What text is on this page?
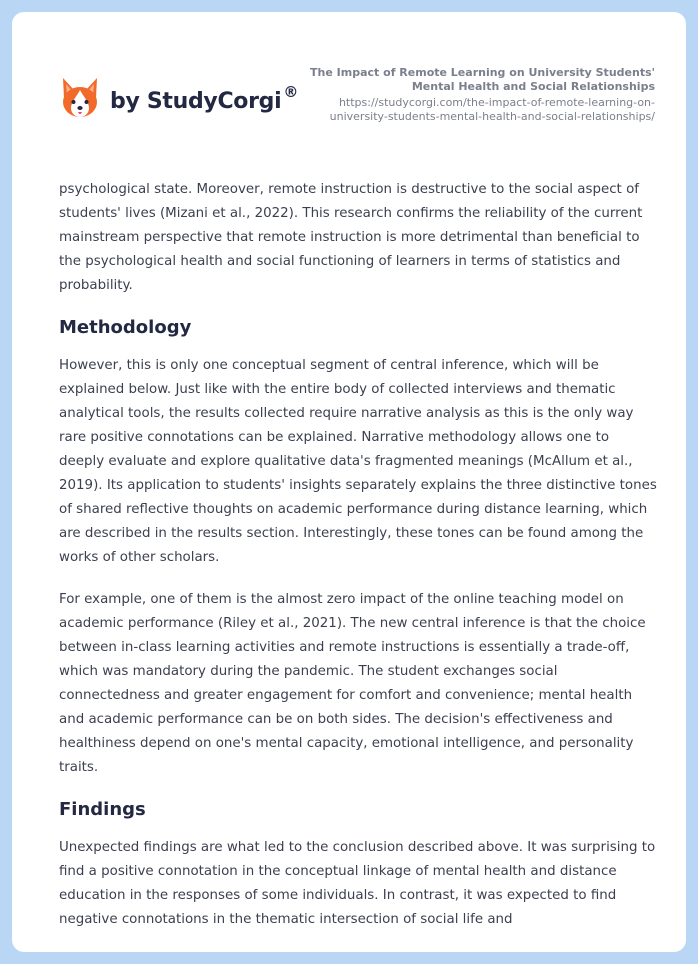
by StudyCorgi ®
The Impact of Remote Learning on University Students' Mental Health and Social Relationships
https://studycorgi.com/the-impact-of-remote-learning-on-university-students-mental-health-and-social-relationships/

psychological state. Moreover, remote instruction is destructive to the social aspect of students' lives (Mizani et al., 2022). This research confirms the reliability of the current mainstream perspective that remote instruction is more detrimental than beneficial to the psychological health and social functioning of learners in terms of statistics and probability.

Methodology

However, this is only one conceptual segment of central inference, which will be explained below. Just like with the entire body of collected interviews and thematic analytical tools, the results collected require narrative analysis as this is the only way rare positive connotations can be explained. Narrative methodology allows one to deeply evaluate and explore qualitative data's fragmented meanings (McAllum et al., 2019). Its application to students' insights separately explains the three distinctive tones of shared reflective thoughts on academic performance during distance learning, which are described in the results section. Interestingly, these tones can be found among the works of other scholars.

For example, one of them is the almost zero impact of the online teaching model on academic performance (Riley et al., 2021). The new central inference is that the choice between in-class learning activities and remote instructions is essentially a trade-off, which was mandatory during the pandemic. The student exchanges social connectedness and greater engagement for comfort and convenience; mental health and academic performance can be on both sides. The decision's effectiveness and healthiness depend on one's mental capacity, emotional intelligence, and personality traits.

Findings

Unexpected findings are what led to the conclusion described above. It was surprising to find a positive connotation in the conceptual linkage of mental health and distance education in the responses of some individuals. In contrast, it was expected to find negative connotations in the thematic intersection of social life and
